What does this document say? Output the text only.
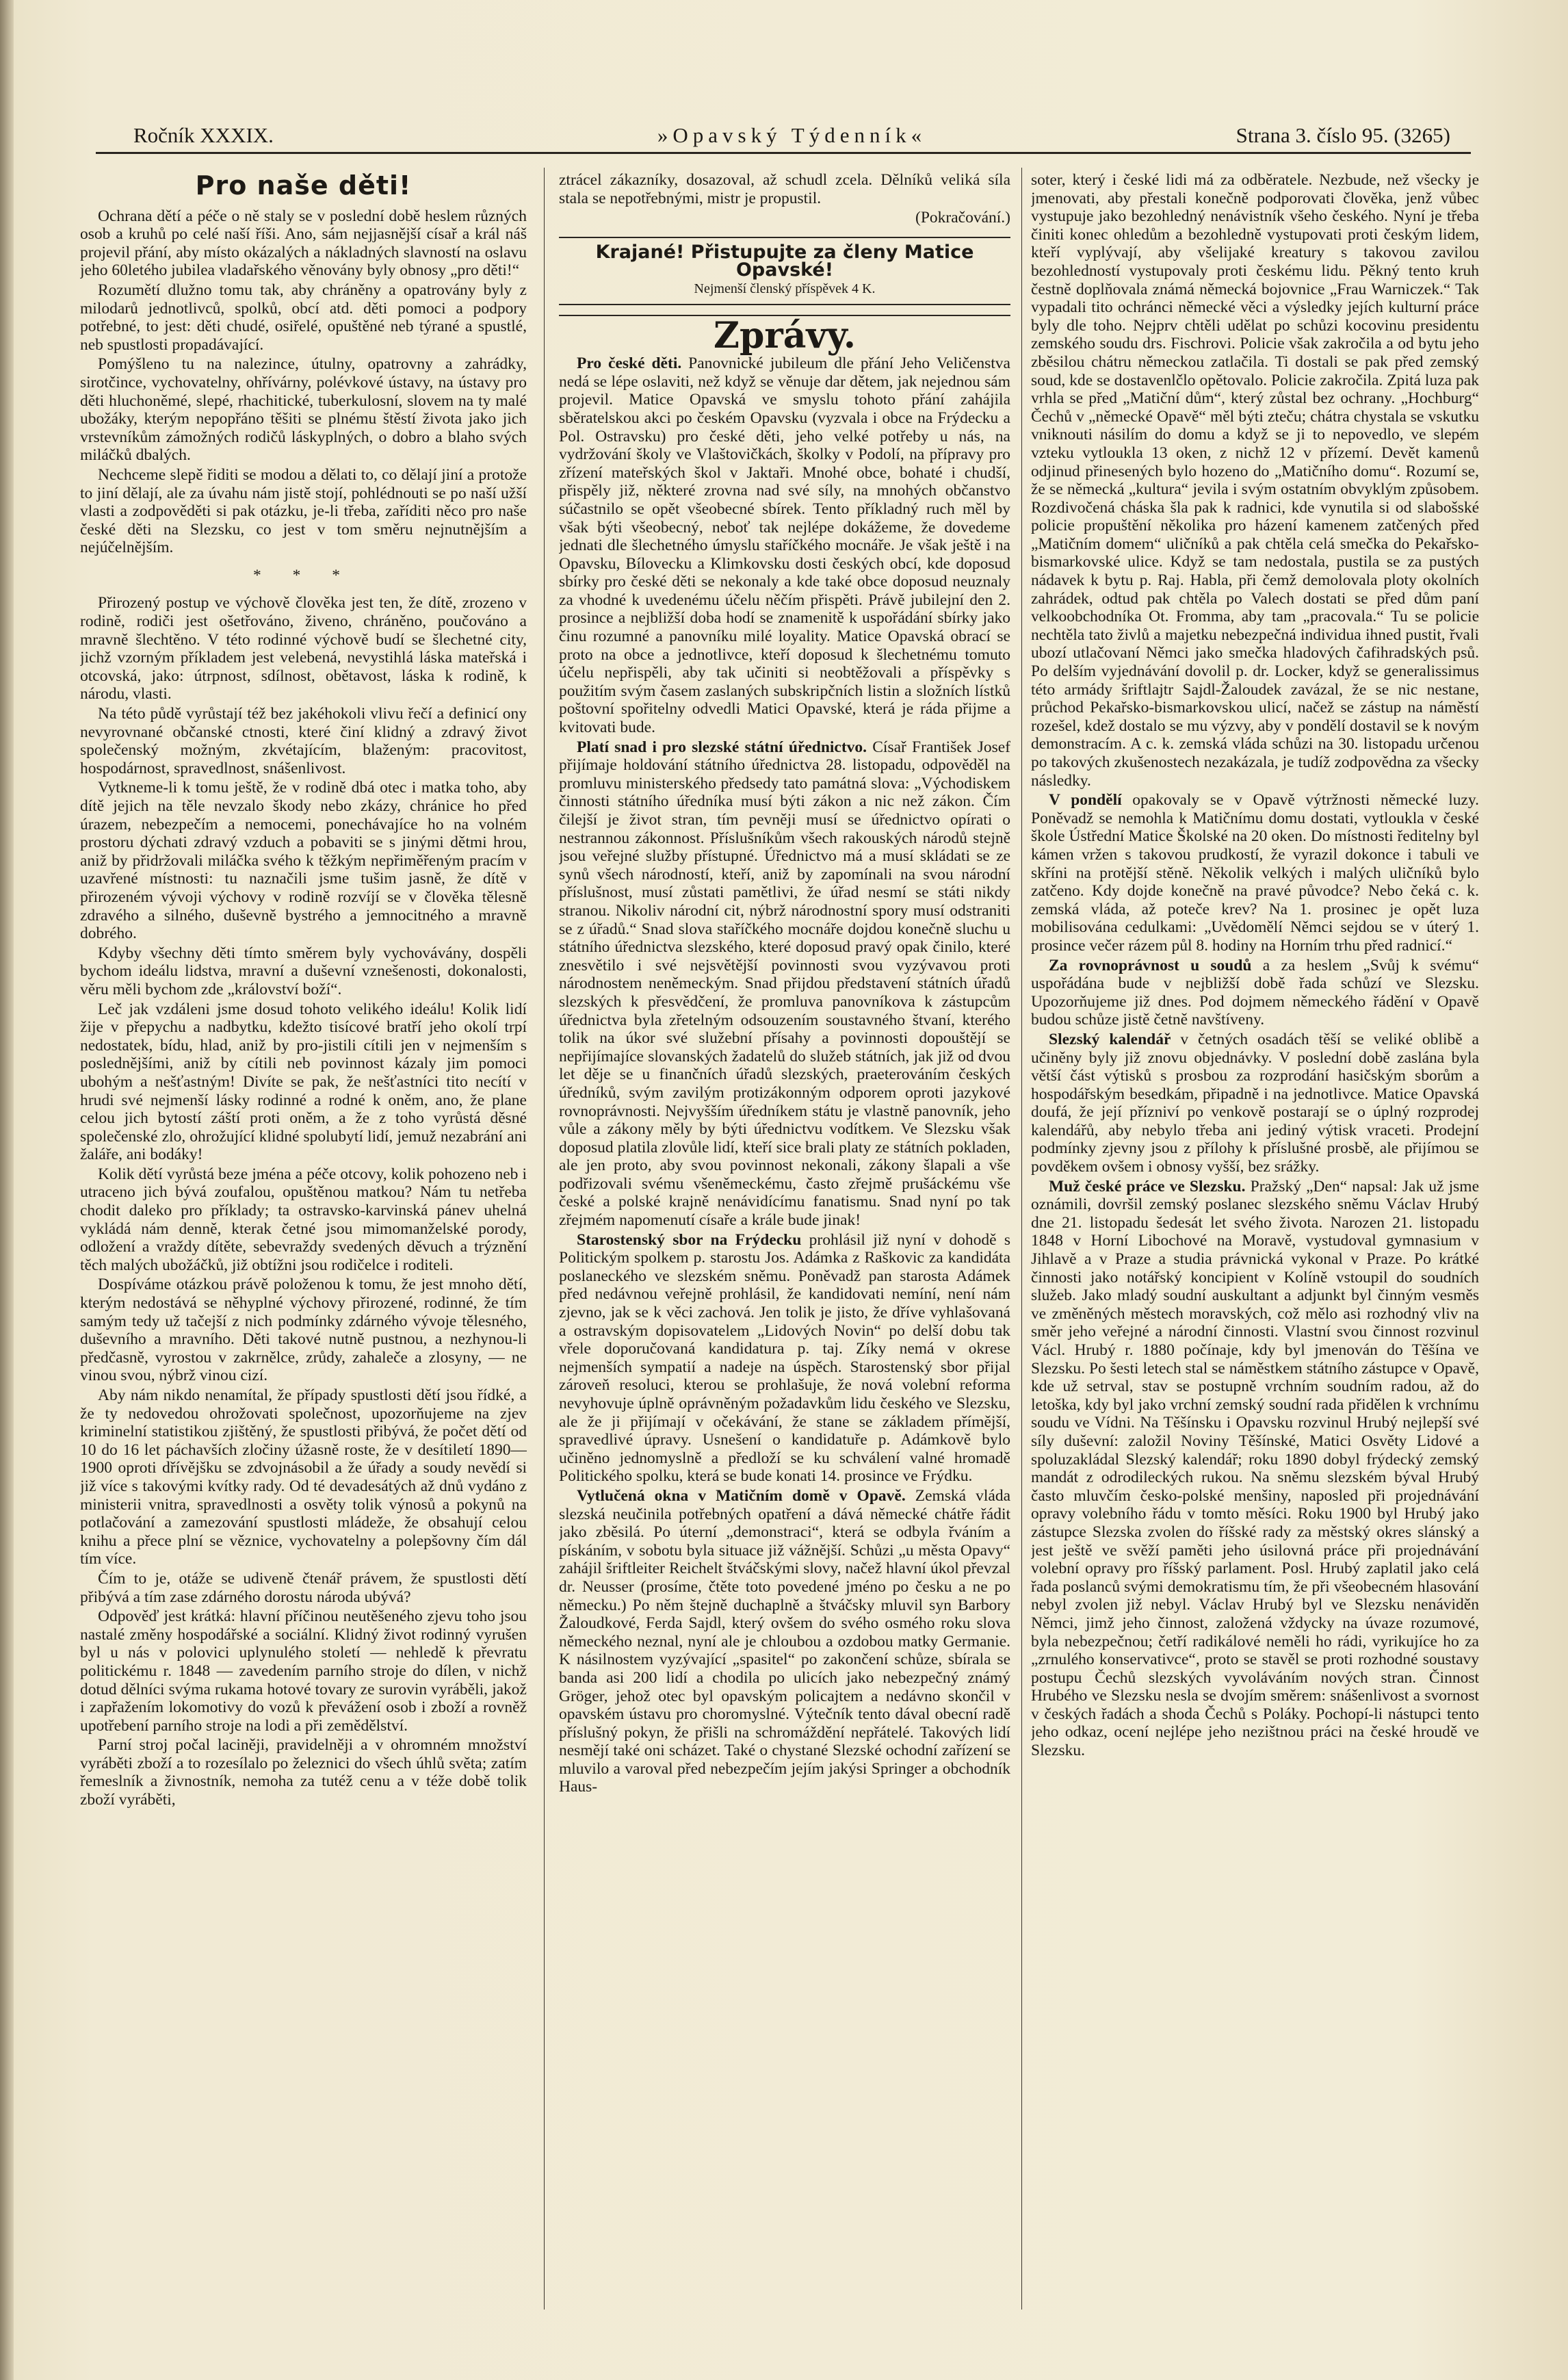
Ročník XXXIX.	»Opavský Týdenník«	Strana 3. číslo 95. (3265)

Pro naše děti!

Ochrana dětí a péče o ně staly se v poslední době heslem různých osob a kruhů po celé naší říši. Ano, sám nejjasnější císař a král náš projevil přání, aby místo okázalých a nákladných slavností na oslavu jeho 60letého jubilea vladařského věnovány byly obnosy „pro děti!“

Rozumětí dlužno tomu tak, aby chráněny a opatrovány byly z milodarů jednotlivců, spolků, obcí atd. děti pomoci a podpory potřebné, to jest: děti chudé, osiřelé, opuštěné neb týrané a spustlé, neb spustlosti propadávající.

Pomýšleno tu na nalezince, útulny, opatrovny a zahrádky, sirotčince, vychovatelny, ohřívárny, polévkové ústavy, na ústavy pro děti hluchoněmé, slepé, rhachitické, tuberkulosní, slovem na ty malé ubožáky, kterým nepopřáno těšiti se plnému štěstí života jako jich vrstevníkům zámožných rodičů láskyplných, o dobro a blaho svých miláčků dbalých.

Nechceme slepě řiditi se modou a dělati to, co dělají jiní a protože to jiní dělají, ale za úvahu nám jistě stojí, pohlédnouti se po naší užší vlasti a zodpověděti si pak otázku, je-li třeba, zaříditi něco pro naše české děti na Slezsku, co jest v tom směru nejnutnějším a nejúčelnějším.

* * *

Přirozený postup ve výchově člověka jest ten, že dítě, zrozeno v rodině, rodiči jest ošetřováno, živeno, chráněno, poučováno a mravně šlechtěno. V této rodinné výchově budí se šlechetné city, jichž vzorným příkladem jest velebená, nevystihlá láska mateřská i otcovská, jako: útrpnost, sdílnost, obětavost, láska k rodině, k národu, vlasti.

Na této půdě vyrůstají též bez jakéhokoli vlivu řečí a definicí ony nevyrovnané občanské ctnosti, které činí klidný a zdravý život společenský možným, zkvétajícím, blaženým: pracovitost, hospodárnost, spravedlnost, snášenlivost.

Vytkneme-li k tomu ještě, že v rodině dbá otec i matka toho, aby dítě jejich na těle nevzalo škody nebo zkázy, chránice ho před úrazem, nebezpečím a nemocemi, ponechávajíce ho na volném prostoru dýchati zdravý vzduch a pobaviti se s jinými dětmi hrou, aniž by přidržovali miláčka svého k těžkým nepřiměřeným pracím v uzavřené místnosti: tu naznačili jsme tušim jasně, že dítě v přirozeném vývoji výchovy v rodině rozvíjí se v člověka tělesně zdravého a silného, duševně bystrého a jemnocitného a mravně dobrého.

Kdyby všechny děti tímto směrem byly vychovávány, dospěli bychom ideálu lidstva, mravní a duševní vznešenosti, dokonalosti, věru měli bychom zde „království boží“.

Leč jak vzdáleni jsme dosud tohoto velikého ideálu! Kolik lidí žije v přepychu a nadbytku, kdežto tisícové bratří jeho okolí trpí nedostatek, bídu, hlad, aniž by pro-jistili cítili jen v nejmenším s poslednějšími, aniž by cítili neb povinnost kázaly jim pomoci ubohým a nešťastným! Divíte se pak, že nešťastníci tito necítí v hrudi své nejmenší lásky rodinné a rodné k oněm, ano, že plane celou jich bytostí záští proti oněm, a že z toho vyrůstá děsné společenské zlo, ohrožující klidné spolubytí lidí, jemuž nezabrání ani žaláře, ani bodáky!

Kolik dětí vyrůstá beze jména a péče otcovy, kolik pohozeno neb i utraceno jich bývá zoufalou, opuštěnou matkou? Nám tu netřeba chodit daleko pro příklady; ta ostravsko-karvinská pánev uhelná vykládá nám denně, kterak četné jsou mimomanželské porody, odložení a vraždy dítěte, sebevraždy svedených děvuch a trýznění těch malých ubožáčků, již obtížni jsou rodičelce i roditeli.

Dospíváme otázkou právě položenou k tomu, že jest mnoho dětí, kterým nedostává se něhyplné výchovy přirozené, rodinné, že tím samým tedy už tačejší z nich podmínky zdárného vývoje tělesného, duševního a mravního. Děti takové nutně pustnou, a nezhynou-li předčasně, vyrostou v zakrnělce, zrůdy, zahaleče a zlosyny, — ne vinou svou, nýbrž vinou cizí.

Aby nám nikdo nenamítal, že případy spustlosti dětí jsou řídké, a že ty nedovedou ohrožovati společnost, upozorňujeme na zjev kriminelní statistikou zjištěný, že spustlosti přibývá, že počet dětí od 10 do 16 let páchavších zločiny úžasně roste, že v desítiletí 1890—1900 oproti dřívějšku se zdvojnásobil a že úřady a soudy nevědí si již více s takovými kvítky rady. Od té devadesátých až dnů vydáno z ministerii vnitra, spravedlnosti a osvěty tolik výnosů a pokynů na potlačování a zamezování spustlosti mládeže, že obsahují celou knihu a přece plní se věznice, vychovatelny a polepšovny čím dál tím více.

Čím to je, otáže se udiveně čtenář právem, že spustlosti dětí přibývá a tím zase zdárného dorostu národa ubývá?

Odpověď jest krátká: hlavní příčinou neutěšeného zjevu toho jsou nastalé změny hospodářské a sociální. Klidný život rodinný vyrušen byl u nás v polovici uplynulého století — nehledě k převratu politickému r. 1848 — zavedením parního stroje do dílen, v nichž dotud dělníci svýma rukama hotové tovary ze surovin vyráběli, jakož i zapřažením lokomotivy do vozů k převážení osob i zboží a rovněž upotřebení parního stroje na lodi a při zemědělství.

Parní stroj počal laciněji, pravidelněji a v ohromném množství vyráběti zboží a to rozesílalo po železnici do všech úhlů světa; zatím řemeslník a živnostník, nemoha za tutéž cenu a v téže době tolik zboží vyráběti,

ztrácel zákazníky, dosazoval, až schudl zcela. Dělníků veliká síla stala se nepotřebnými, mistr je propustil.

(Pokračování.)

Krajané! Přistupujte za členy Matice Opavské!
Nejmenší členský příspěvek 4 K.

Zprávy.

Pro české děti. Panovnické jubileum dle přání Jeho Veličenstva nedá se lépe oslaviti, než když se věnuje dar dětem, jak nejednou sám projevil. Matice Opavská ve smyslu tohoto přání zahájila sběratelskou akci po českém Opavsku (vyzvala i obce na Frýdecku a Pol. Ostravsku) pro české děti, jeho velké potřeby u nás, na vydržování školy ve Vlaštovičkách, školky v Podolí, na přípravy pro zřízení mateřských škol v Jaktaři. Mnohé obce, bohaté i chudší, přispěly již, některé zrovna nad své síly, na mnohých občanstvo súčastnilo se opět všeobecné sbírek. Tento příkladný ruch měl by však býti všeobecný, neboť tak nejlépe dokážeme, že dovedeme jednati dle šlechetného úmyslu staříčkého mocnáře. Je však ještě i na Opavsku, Bílovecku a Klimkovsku dosti českých obcí, kde doposud sbírky pro české děti se nekonaly a kde také obce doposud neuznaly za vhodné k uvedenému účelu něčím přispěti. Právě jubilejní den 2. prosince a nejbližší doba hodí se znamenitě k uspořádání sbírky jako činu rozumné a panovníku milé loyality. Matice Opavská obrací se proto na obce a jednotlivce, kteří doposud k šlechetnému tomuto účelu nepřispěli, aby tak učiniti si neobtěžovali a příspěvky s použitím svým časem zaslaných subskripčních listin a složních lístků poštovní spořitelny odvedli Matici Opavské, která je ráda přijme a kvitovati bude.

Platí snad i pro slezské státní úřednictvo. Císař František Josef přijímaje holdování státního úřednictva 28. listopadu, odpověděl na promluvu ministerského předsedy tato památná slova: „Východiskem činnosti státního úředníka musí býti zákon a nic než zákon. Čím čilejší je život stran, tím pevněji musí se úřednictvo opírati o nestrannou zákonnost. Příslušníkům všech rakouských národů stejně jsou veřejné služby přístupné. Úřednictvo má a musí skládati se ze synů všech národností, kteří, aniž by zapomínali na svou národní příslušnost, musí zůstati pamětlivi, že úřad nesmí se státi nikdy stranou. Nikoliv národní cit, nýbrž národnostní spory musí odstraniti se z úřadů.“ Snad slova staříčkého mocnáře dojdou konečně sluchu u státního úřednictva slezského, které doposud pravý opak činilo, které znesvětilo i své nejsvětější povinnosti svou vyzývavou proti národnostem neněmeckým. Snad přijdou představení státních úřadů slezských k přesvědčení, že promluva panovníkova k zástupcům úřednictva byla zřetelným odsouzením soustavného štvaní, kterého tolik na úkor své služební přísahy a povinnosti dopouštějí se nepřijímajíce slovanských žadatelů do služeb státních, jak již od dvou let děje se u finančních úřadů slezských, praeterováním českých úředníků, svým zavilým protizákonným odporem oproti jazykové rovnoprávnosti. Nejvyšším úředníkem státu je vlastně panovník, jeho vůle a zákony měly by býti úřednictvu vodítkem. Ve Slezsku však doposud platila zlovůle lidí, kteří sice brali platy ze státních pokladen, ale jen proto, aby svou povinnost nekonali, zákony šlapali a vše podřizovali svému všeněmeckému, často zřejmě prušáckému vše české a polské krajně nenávidícímu fanatismu. Snad nyní po tak zřejmém napomenutí císaře a krále bude jinak!

Starostenský sbor na Frýdecku prohlásil již nyní v dohodě s Politickým spolkem p. starostu Jos. Adámka z Raškovic za kandidáta poslaneckého ve slezském sněmu. Poněvadž pan starosta Adámek před nedávnou veřejně prohlásil, že kandidovati nemíní, není nám zjevno, jak se k věci zachová. Jen tolik je jisto, že dříve vyhlašovaná a ostravským dopisovatelem „Lidových Novin“ po delší dobu tak vřele doporučovaná kandidatura p. taj. Zíky nemá v okrese nejmenších sympatií a nadeje na úspěch. Starostenský sbor přijal zároveň resoluci, kterou se prohlašuje, že nová volební reforma nevyhovuje úplně oprávněným požadavkům lidu českého ve Slezsku, ale že ji přijímají v očekávání, že stane se základem přímější, spravedlivé úpravy. Usnešení o kandidatuře p. Adámkově bylo učiněno jednomyslně a předloží se ku schválení valné hromadě Politického spolku, která se bude konati 14. prosince ve Frýdku.

Vytlučená okna v Matičním domě v Opavě. Zemská vláda slezská neučinila potřebných opatření a dává německé chátře řádit jako zběsilá. Po úterní „demonstraci“, která se odbyla řváním a pískáním, v sobotu byla situace již vážnější. Schůzi „u města Opavy“ zahájil šriftleiter Reichelt štváčskými slovy, načež hlavní úkol převzal dr. Neusser (prosíme, čtěte toto povedené jméno po česku a ne po německu.) Po něm štejně duchaplně a štváčsky mluvil syn Barbory Žaloudkové, Ferda Sajdl, který ovšem do svého osmého roku slova německého neznal, nyní ale je chloubou a ozdobou matky Germanie. K násilnostem vyzývající „spasitel“ po zakončení schůze, sbírala se banda asi 200 lidí a chodila po ulicích jako nebezpečný známý Gröger, jehož otec byl opavským policajtem a nedávno skončil v opavském ústavu pro choromyslné. Výtečník tento dával obecní radě příslušný pokyn, že přišli na schromáždění nepřátelé. Takových lidí nesmějí také oni scházet. Také o chystané Slezské ochodní zařízení se mluvilo a varoval před nebezpečím jejím jakýsi Springer a obchodník Haus-

soter, který i české lidi má za odběratele. Nezbude, než všecky je jmenovati, aby přestali konečně podporovati člověka, jenž vůbec vystupuje jako bezohledný nenávistník všeho českého. Nyní je třeba činiti konec ohledům a bezohledně vystupovati proti českým lidem, kteří vyplývají, aby všelijaké kreatury s takovou zavilou bezohledností vystupovaly proti českému lidu. Pěkný tento kruh čestně doplňovala známá německá bojovnice „Frau Warniczek.“ Tak vypadali tito ochránci německé věci a výsledky jejích kulturní práce byly dle toho. Nejprv chtěli udělat po schůzi kocovinu presidentu zemského soudu drs. Fischrovi. Policie však zakročila a od bytu jeho zběsilou chátru německou zatlačila. Ti dostali se pak před zemský soud, kde se dostavenlčlo opětovalo. Policie zakročila. Zpitá luza pak vrhla se před „Matiční dům“, který zůstal bez ochrany. „Hochburg“ Čechů v „německé Opavě“ měl býti zteču; chátra chystala se vskutku vniknouti násilím do domu a když se ji to nepovedlo, ve slepém vzteku vytloukla 13 oken, z nichž 12 v přízemí. Devět kamenů odjinud přinesených bylo hozeno do „Matičního domu“. Rozumí se, že se německá „kultura“ jevila i svým ostatním obvyklým způsobem. Rozdivočená cháska šla pak k radnici, kde vynutila si od slabošské policie propuštění několika pro házení kamenem zatčených před „Matičním domem“ uličníků a pak chtěla celá smečka do Pekařsko-bismarkovské ulice. Když se tam nedostala, pustila se za pustých nádavek k bytu p. Raj. Habla, při čemž demolovala ploty okolních zahrádek, odtud pak chtěla po Valech dostati se před dům paní velkoobchodníka Ot. Fromma, aby tam „pracovala.“ Tu se policie nechtěla tato živlů a majetku nebezpečná individua ihned pustit, řvali ubozí utlačovaní Němci jako smečka hladových čafihradských psů. Po delším vyjednávání dovolil p. dr. Locker, když se generalissimus této armády šriftlajtr Sajdl-Žaloudek zavázal, že se nic nestane, průchod Pekařsko-bismarkovskou ulicí, načež se zástup na náměstí rozešel, kdež dostalo se mu výzvy, aby v pondělí dostavil se k novým demonstracím. A c. k. zemská vláda schůzi na 30. listopadu určenou po takových zkušenostech nezakázala, je tudíž zodpovědna za všecky následky.

V pondělí opakovaly se v Opavě výtržnosti německé luzy. Poněvadž se nemohla k Matičnímu domu dostati, vytloukla v české škole Ústřední Matice Školské na 20 oken. Do místnosti ředitelny byl kámen vržen s takovou prudkostí, že vyrazil dokonce i tabuli ve skříni na protější stěně. Několik velkých i malých uličníků bylo zatčeno. Kdy dojde konečně na pravé původce? Nebo čeká c. k. zemská vláda, až poteče krev? Na 1. prosinec je opět luza mobilisována cedulkami: „Uvědomělí Němci sejdou se v úterý 1. prosince večer rázem půl 8. hodiny na Horním trhu před radnicí.“

Za rovnoprávnost u soudů a za heslem „Svůj k svému“ uspořádána bude v nejbližší době řada schůzí ve Slezsku. Upozorňujeme již dnes. Pod dojmem německého řádění v Opavě budou schůze jistě četně navštíveny.

Slezský kalendář v četných osadách těší se veliké oblibě a učiněny byly již znovu objednávky. V poslední době zaslána byla větší část výtisků s prosbou za rozprodání hasičským sborům a hospodářským besedkám, připadně i na jednotlivce. Matice Opavská doufá, že její přízniví po venkově postarají se o úplný rozprodej kalendářů, aby nebylo třeba ani jediný výtisk vraceti. Prodejní podmínky zjevny jsou z přílohy k příslušné prosbě, ale přijímou se povděkem ovšem i obnosy vyšší, bez srážky.

Muž české práce ve Slezsku. Pražský „Den“ napsal: Jak už jsme oznámili, dovršil zemský poslanec slezského sněmu Václav Hrubý dne 21. listopadu šedesát let svého života. Narozen 21. listopadu 1848 v Horní Libochové na Moravě, vystudoval gymnasium v Jihlavě a v Praze a studia právnická vykonal v Praze. Po krátké činnosti jako notářský koncipient v Kolíně vstoupil do soudních služeb. Jako mladý soudní auskultant a adjunkt byl činným vesměs ve změněných městech moravských, což mělo asi rozhodný vliv na směr jeho veřejné a národní činnosti. Vlastní svou činnost rozvinul Václ. Hrubý r. 1880 počínaje, kdy byl jmenován do Těšína ve Slezsku. Po šesti letech stal se náměstkem státního zástupce v Opavě, kde už setrval, stav se postupně vrchním soudním radou, až do letoška, kdy byl jako vrchní zemský soudní rada přidělen k vrchnímu soudu ve Vídni. Na Těšínsku i Opavsku rozvinul Hrubý nejlepší své síly duševní: založil Noviny Těšínské, Matici Osvěty Lidové a spoluzakládal Slezský kalendář; roku 1890 dobyl frýdecký zemský mandát z odrodileckých rukou. Na sněmu slezském býval Hrubý často mluvčím česko-polské menšiny, naposled při projednávání opravy volebního řádu v tomto měsíci. Roku 1900 byl Hrubý jako zástupce Slezska zvolen do říšské rady za městský okres slánský a jest ještě ve svěží paměti jeho úsilovná práce při projednávání volební opravy pro říšský parlament. Posl. Hrubý zaplatil jako celá řada poslanců svými demokratismu tím, že při všeobecném hlasování nebyl zvolen již nebyl. Václav Hrubý byl ve Slezsku nenáviděn Němci, jimž jeho činnost, založená vždycky na úvaze rozumové, byla nebezpečnou; četří radikálové neměli ho rádi, vyrikujíce ho za „zrnulého konservativce“, proto se stavěl se proti rozhodné soustavy postupu Čechů slezských vyvoláváním nových stran. Činnost Hrubého ve Slezsku nesla se dvojím směrem: snášenlivost a svornost v českých řadách a shoda Čechů s Poláky. Pochopí-li nástupci tento jeho odkaz, ocení nejlépe jeho nezištnou práci na české hroudě ve Slezsku.
